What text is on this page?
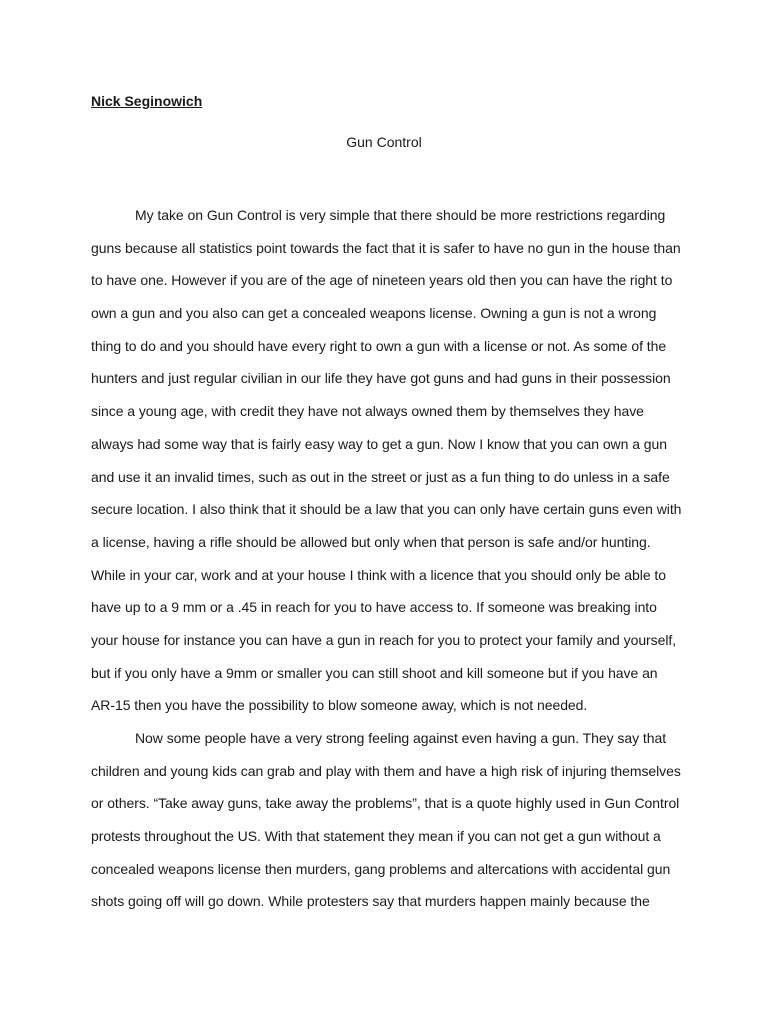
Nick Seginowich
Gun Control
My take on Gun Control is very simple that there should be more restrictions regarding
guns because all statistics point towards the fact that it is safer to have no gun in the house than
to have one. However if you are of the age of nineteen years old then you can have the right to
own a gun and you also can get a concealed weapons license. Owning a gun is not a wrong
thing to do and you should have every right to own a gun with a license or not. As some of the
hunters and just regular civilian in our life they have got guns and had guns in their possession
since a young age, with credit they have not always owned them by themselves they have
always had some way that is fairly easy way to get a gun. Now I know that you can own a gun
and use it an invalid times, such as out in the street or just as a fun thing to do unless in a safe
secure location. I also think that it should be a law that you can only have certain guns even with
a license, having a rifle should be allowed but only when that person is safe and/or hunting.
While in your car, work and at your house I think with a licence that you should only be able to
have up to a 9 mm or a .45 in reach for you to have access to. If someone was breaking into
your house for instance you can have a gun in reach for you to protect your family and yourself,
but if you only have a 9mm or smaller you can still shoot and kill someone but if you have an
AR-15 then you have the possibility to blow someone away, which is not needed.
Now some people have a very strong feeling against even having a gun. They say that
children and young kids can grab and play with them and have a high risk of injuring themselves
or others. “Take away guns, take away the problems”, that is a quote highly used in Gun Control
protests throughout the US. With that statement they mean if you can not get a gun without a
concealed weapons license then murders, gang problems and altercations with accidental gun
shots going off will go down. While protesters say that murders happen mainly because the
